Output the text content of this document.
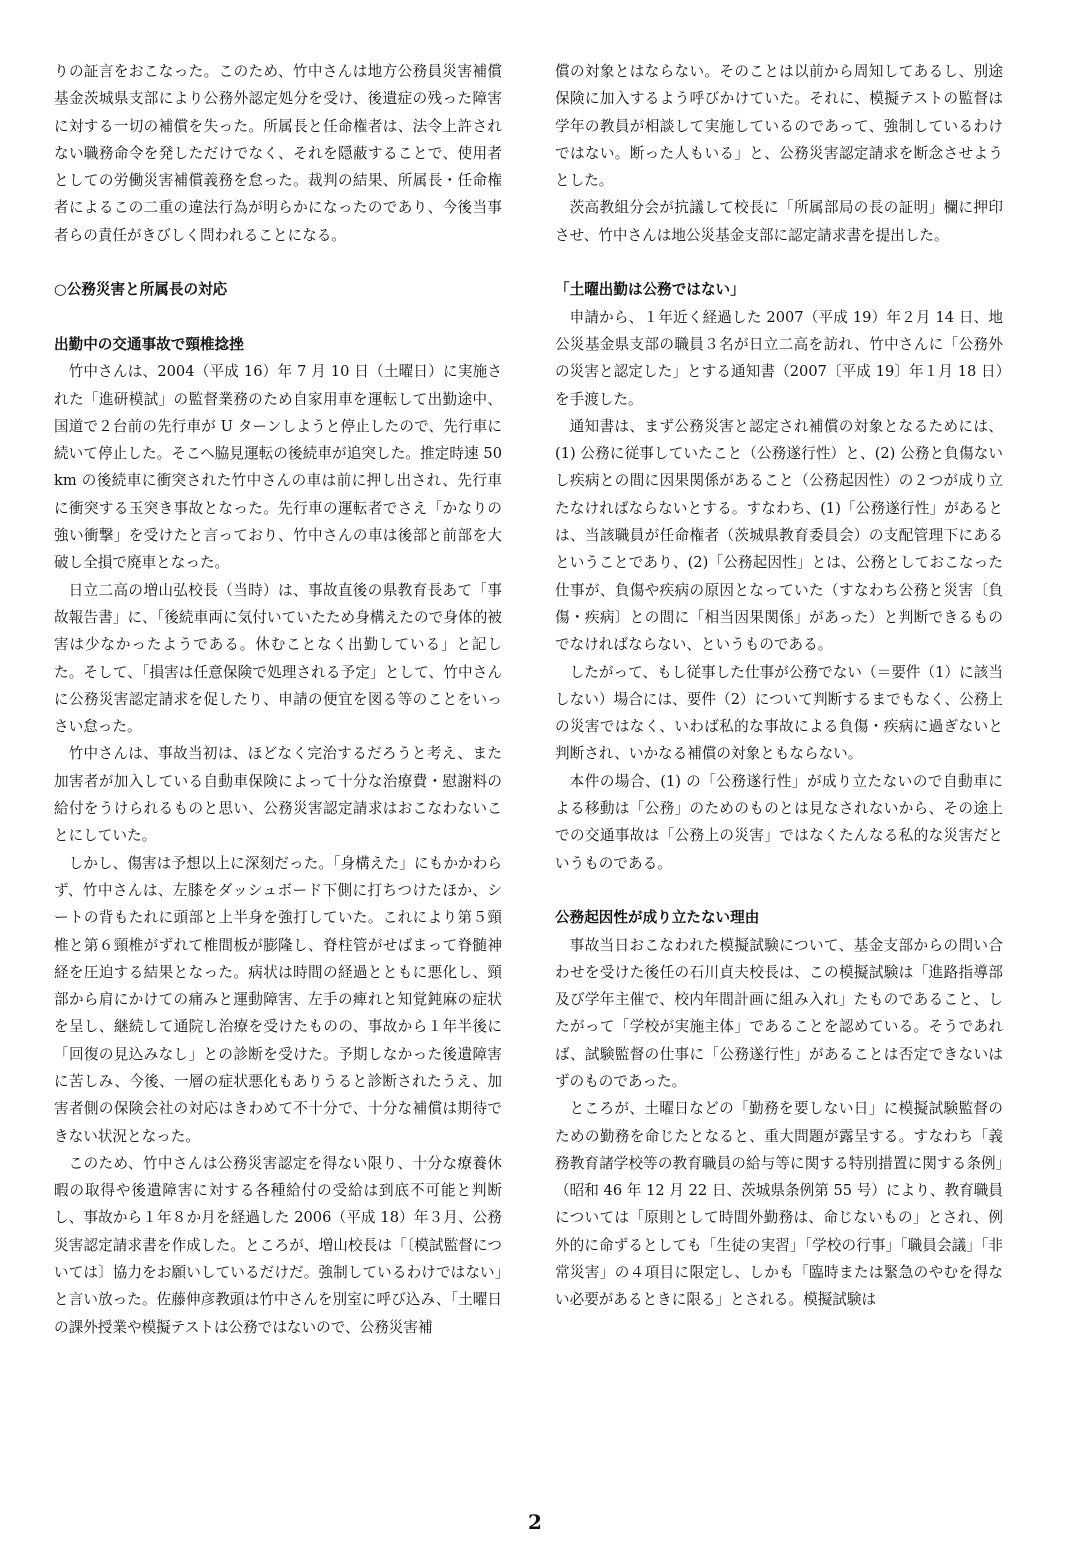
りの証言をおこなった。このため、竹中さんは地方公務員災害補償基金茨城県支部により公務外認定処分を受け、後遺症の残った障害に対する一切の補償を失った。所属長と任命権者は、法令上許されない職務命令を発しただけでなく、それを隠蔽することで、使用者としての労働災害補償義務を怠った。裁判の結果、所属長・任命権者によるこの二重の違法行為が明らかになったのであり、今後当事者らの責任がきびしく問われることになる。

○公務災害と所属長の対応

出勤中の交通事故で頸椎捻挫

竹中さんは、2004（平成 16）年 7 月 10 日（土曜日）に実施された「進研模試」の監督業務のため自家用車を運転して出勤途中、国道で２台前の先行車が U ターンしようと停止したので、先行車に続いて停止した。そこへ脇見運転の後続車が追突した。推定時速 50km の後続車に衝突された竹中さんの車は前に押し出され、先行車に衝突する玉突き事故となった。先行車の運転者でさえ「かなりの強い衝撃」を受けたと言っており、竹中さんの車は後部と前部を大破し全損で廃車となった。

日立二高の増山弘校長（当時）は、事故直後の県教育長あて「事故報告書」に、「後続車両に気付いていたため身構えたので身体的被害は少なかったようである。休むことなく出勤している」と記した。そして、「損害は任意保険で処理される予定」として、竹中さんに公務災害認定請求を促したり、申請の便宜を図る等のことをいっさい怠った。

竹中さんは、事故当初は、ほどなく完治するだろうと考え、また加害者が加入している自動車保険によって十分な治療費・慰謝料の給付をうけられるものと思い、公務災害認定請求はおこなわないことにしていた。

しかし、傷害は予想以上に深刻だった。「身構えた」にもかかわらず、竹中さんは、左膝をダッシュボード下側に打ちつけたほか、シートの背もたれに頭部と上半身を強打していた。これにより第５頸椎と第６頸椎がずれて椎間板が膨隆し、脊柱管がせばまって脊髄神経を圧迫する結果となった。病状は時間の経過とともに悪化し、頸部から肩にかけての痛みと運動障害、左手の痺れと知覚鈍麻の症状を呈し、継続して通院し治療を受けたものの、事故から１年半後に「回復の見込みなし」との診断を受けた。予期しなかった後遺障害に苦しみ、今後、一層の症状悪化もありうると診断されたうえ、加害者側の保険会社の対応はきわめて不十分で、十分な補償は期待できない状況となった。

このため、竹中さんは公務災害認定を得ない限り、十分な療養休暇の取得や後遺障害に対する各種給付の受給は到底不可能と判断し、事故から１年８か月を経過した 2006（平成 18）年３月、公務災害認定請求書を作成した。ところが、増山校長は「〔模試監督については〕協力をお願いしているだけだ。強制しているわけではない」と言い放った。佐藤伸彦教頭は竹中さんを別室に呼び込み、「土曜日の課外授業や模擬テストは公務ではないので、公務災害補

償の対象とはならない。そのことは以前から周知してあるし、別途保険に加入するよう呼びかけていた。それに、模擬テストの監督は学年の教員が相談して実施しているのであって、強制しているわけではない。断った人もいる」と、公務災害認定請求を断念させようとした。

茨高教組分会が抗議して校長に「所属部局の長の証明」欄に押印させ、竹中さんは地公災基金支部に認定請求書を提出した。

「土曜出勤は公務ではない」

申請から、１年近く経過した 2007（平成 19）年２月 14 日、地公災基金県支部の職員３名が日立二高を訪れ、竹中さんに「公務外の災害と認定した」とする通知書（2007〔平成 19〕年１月 18 日）を手渡した。

通知書は、まず公務災害と認定され補償の対象となるためには、(1) 公務に従事していたこと（公務遂行性）と、(2) 公務と負傷ないし疾病との間に因果関係があること（公務起因性）の２つが成り立たなければならないとする。すなわち、(1)「公務遂行性」があるとは、当該職員が任命権者（茨城県教育委員会）の支配管理下にあるということであり、(2)「公務起因性」とは、公務としておこなった仕事が、負傷や疾病の原因となっていた（すなわち公務と災害〔負傷・疾病〕との間に「相当因果関係」があった）と判断できるものでなければならない、というものである。

したがって、もし従事した仕事が公務でない（＝要件（1）に該当しない）場合には、要件（2）について判断するまでもなく、公務上の災害ではなく、いわば私的な事故による負傷・疾病に過ぎないと判断され、いかなる補償の対象ともならない。

本件の場合、(1) の「公務遂行性」が成り立たないので自動車による移動は「公務」のためのものとは見なされないから、その途上での交通事故は「公務上の災害」ではなくたんなる私的な災害だというものである。

公務起因性が成り立たない理由

事故当日おこなわれた模擬試験について、基金支部からの問い合わせを受けた後任の石川貞夫校長は、この模擬試験は「進路指導部及び学年主催で、校内年間計画に組み入れ」たものであること、したがって「学校が実施主体」であることを認めている。そうであれば、試験監督の仕事に「公務遂行性」があることは否定できないはずのものであった。

ところが、土曜日などの「勤務を要しない日」に模擬試験監督のための勤務を命じたとなると、重大問題が露呈する。すなわち「義務教育諸学校等の教育職員の給与等に関する特別措置に関する条例」（昭和 46 年 12 月 22 日、茨城県条例第 55 号）により、教育職員については「原則として時間外勤務は、命じないもの」とされ、例外的に命ずるとしても「生徒の実習」「学校の行事」「職員会議」「非常災害」の４項目に限定し、しかも「臨時または緊急のやむを得ない必要があるときに限る」とされる。模擬試験は

2
